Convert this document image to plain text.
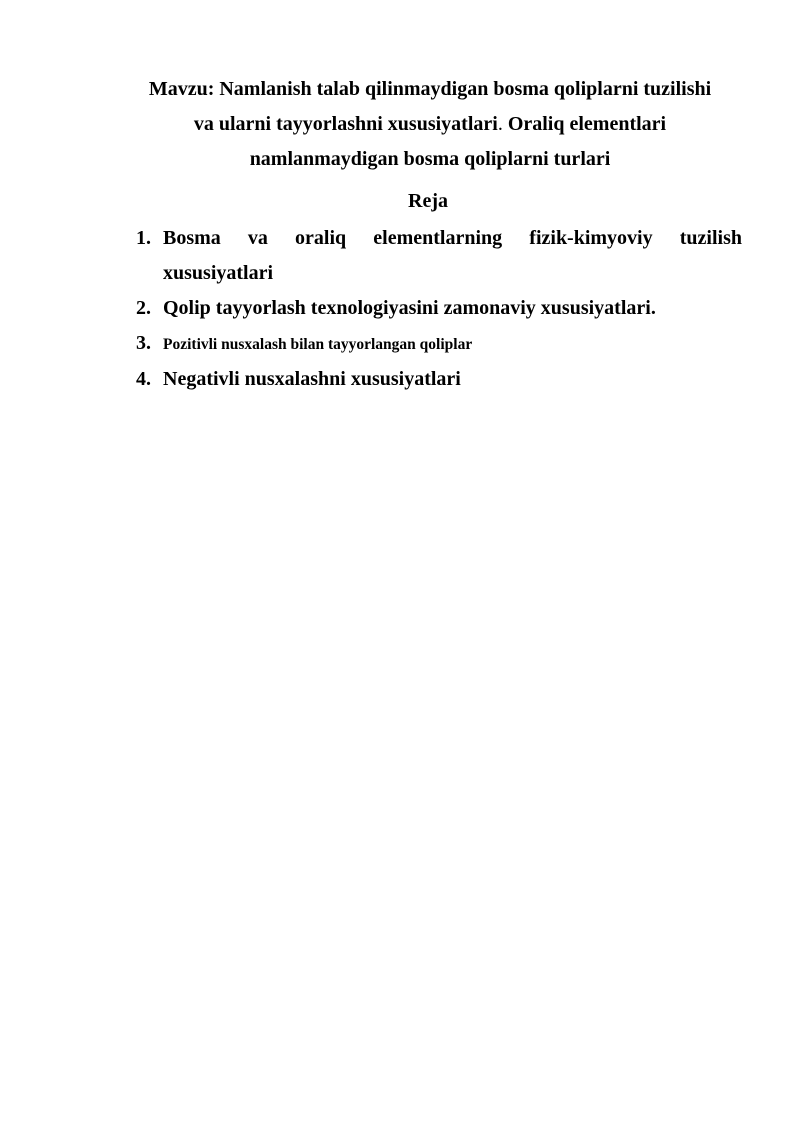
Mavzu: Namlanish talab qilinmaydigan bosma qoliplarni tuzilishi
va ularni tayyorlashni xususiyatlari. Oraliq elementlari
namlanmaydigan bosma qoliplarni turlari
Reja
1. Bosma va oraliq elementlarning fizik-kimyoviy tuzilish
xususiyatlari
2. Qolip tayyorlash texnologiyasini zamonaviy xususiyatlari.
3. Pozitivli nusxalash bilan tayyorlangan qoliplar
4. Negativli nusxalashni xususiyatlari
